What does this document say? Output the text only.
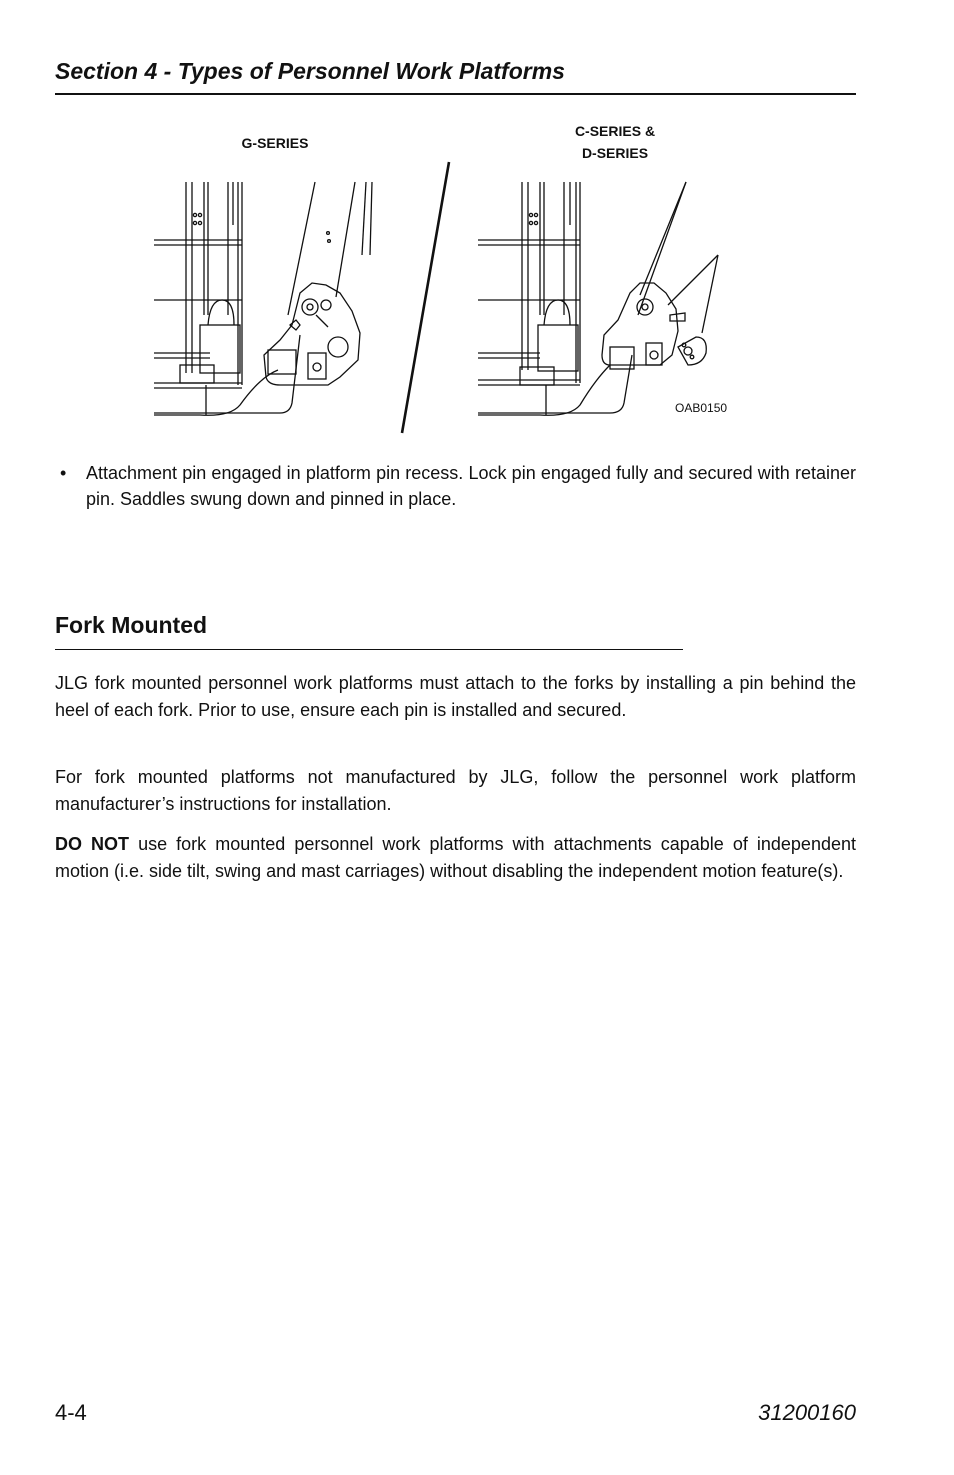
Section 4 - Types of Personnel Work Platforms
G-SERIES
C-SERIES &
D-SERIES
OAB0150
•	Attachment pin engaged in platform pin recess. Lock pin engaged fully and secured with retainer pin. Saddles swung down and pinned in place.
Fork Mounted

JLG fork mounted personnel work platforms must attach to the forks by installing a pin behind the heel of each fork. Prior to use, ensure each pin is installed and secured.

For fork mounted platforms not manufactured by JLG, follow the personnel work platform manufacturer’s instructions for installation.

DO NOT use fork mounted personnel work platforms with attachments capable of independent motion (i.e. side tilt, swing and mast carriages) without disabling the independent motion feature(s).

4-4	31200160
